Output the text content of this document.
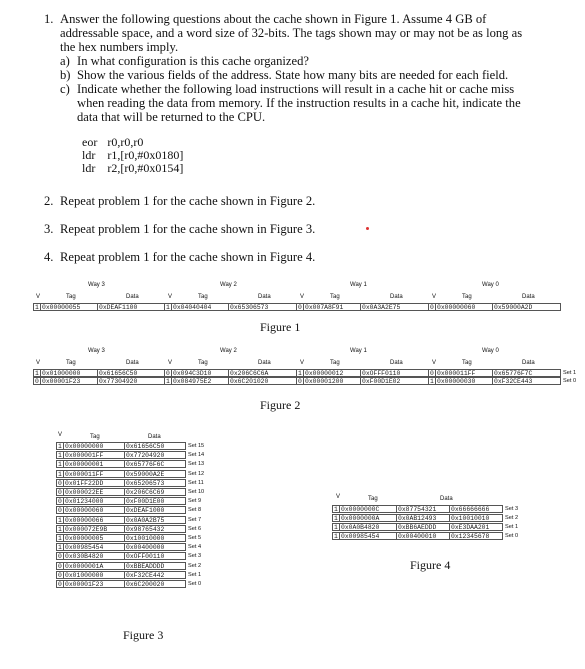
1. Answer the following questions about the cache shown in Figure 1. Assume 4 GB of
addressable space, and a word size of 32-bits. The tags shown may or may not be as long as
the hex numbers imply.
a) In what configuration is this cache organized?
b) Show the various fields of the address. State how many bits are needed for each field.
c) Indicate whether the following load instructions will result in a cache hit or cache miss
when reading the data from memory. If the instruction results in a cache hit, indicate the
data that will be returned to the CPU.
eor	r0,r0,r0
ldr	r1,[r0,#0x0180]
ldr	r2,[r0,#0x0154]
2. Repeat problem 1 for the cache shown in Figure 2.
3. Repeat problem 1 for the cache shown in Figure 3.
4. Repeat problem 1 for the cache shown in Figure 4.
Way 3	Way 2	Way 1	Way 0
V	Tag	Data	V	Tag	Data	V	Tag	Data	V	Tag	Data
1 0x00000055	0xDEAF1100	1 0x04040404	0x65306573	0 0x007A8F91	0x0A3A2E75	0 0x00000060	0x59000A2D
Figure 1
Way 3	Way 2	Way 1	Way 0
V	Tag	Data	V	Tag	Data	V	Tag	Data	V	Tag	Data
1 0x01000000	0x61656C50	0 0x094C3D10	0x206C6C6A	1 0x00000012	0xOFFF0110	0 0x000011FF	0x65776F7C	Set 1
0 0x00001F23	0x77304920	1 0x084975E2	0x6C201020	0 0x00001200	0xF00D1E02	1 0x00000030	0xF32CE443	Set 0
Figure 2
V	Tag	Data
1 0x00000000	0x61656C50	Set 15
1 0x000001FF	0x77204920	Set 14
1 0x00000001	0x65776F6C	Set 13
1 0x000011FF	0x59000A2E	Set 12
0 0x01FF22DD	0x65206573	Set 11
0 0x000022EE	0x206C6C69	Set 10
0 0x01234000	0xF00D1E00	Set 9
0 0x00000060	0xDEAF1000	Set 8
1 0x00000066	0x0A0A2B75	Set 7
1 0x000072E9B	0x98765432	Set 6
1 0x00000005	0x10010000	Set 5
1 0x00985454	0x00400000	Set 4
0 0x030B4820	0xOFF00110	Set 3
0 0x0000001A	0xBBEADDDD	Set 2
0 0x01000000	0xF32CE442	Set 1
0 0x00001F23	0x6C200020	Set 0
Figure 3
V	Tag	Data
1 0x0000000C	0x87754321	0x66666666	Set 3
1 0x0000000A	0x0AB12493	0x10010010	Set 2
1 0x0A0B4820	0xBB6AEDDD	0xE3DAA201	Set 1
1 0x00985454	0x00400010	0x12345678	Set 0
Figure 4
